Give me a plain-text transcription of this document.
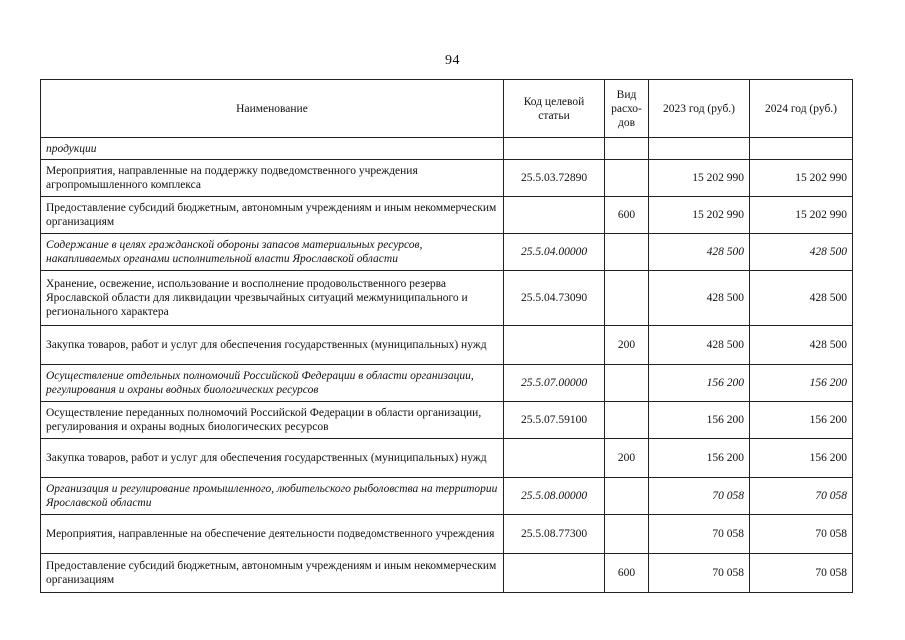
94
Наименование	Код целевой статьи	Вид расхо-дов	2023 год (руб.)	2024 год (руб.)
продукции				
Мероприятия, направленные на поддержку подведомственного учреждения агропромышленного комплекса	25.5.03.72890		15 202 990	15 202 990
Предоставление субсидий бюджетным, автономным учреждениям и иным некоммерческим организациям		600	15 202 990	15 202 990
Содержание в целях гражданской обороны запасов материальных ресурсов, накапливаемых органами исполнительной власти Ярославской области	25.5.04.00000		428 500	428 500
Хранение, освежение, использование и восполнение продовольственного резерва Ярославской области для ликвидации чрезвычайных ситуаций межмуниципального и регионального характера	25.5.04.73090		428 500	428 500
Закупка товаров, работ и услуг для обеспечения государственных (муниципальных) нужд		200	428 500	428 500
Осуществление отдельных полномочий Российской Федерации в области организации, регулирования и охраны водных биологических ресурсов	25.5.07.00000		156 200	156 200
Осуществление переданных полномочий Российской Федерации в области организации, регулирования и охраны водных биологических ресурсов	25.5.07.59100		156 200	156 200
Закупка товаров, работ и услуг для обеспечения государственных (муниципальных) нужд		200	156 200	156 200
Организация и регулирование промышленного, любительского рыболовства на территории Ярославской области	25.5.08.00000		70 058	70 058
Мероприятия, направленные на обеспечение деятельности подведомственного учреждения	25.5.08.77300		70 058	70 058
Предоставление субсидий бюджетным, автономным учреждениям и иным некоммерческим организациям		600	70 058	70 058
